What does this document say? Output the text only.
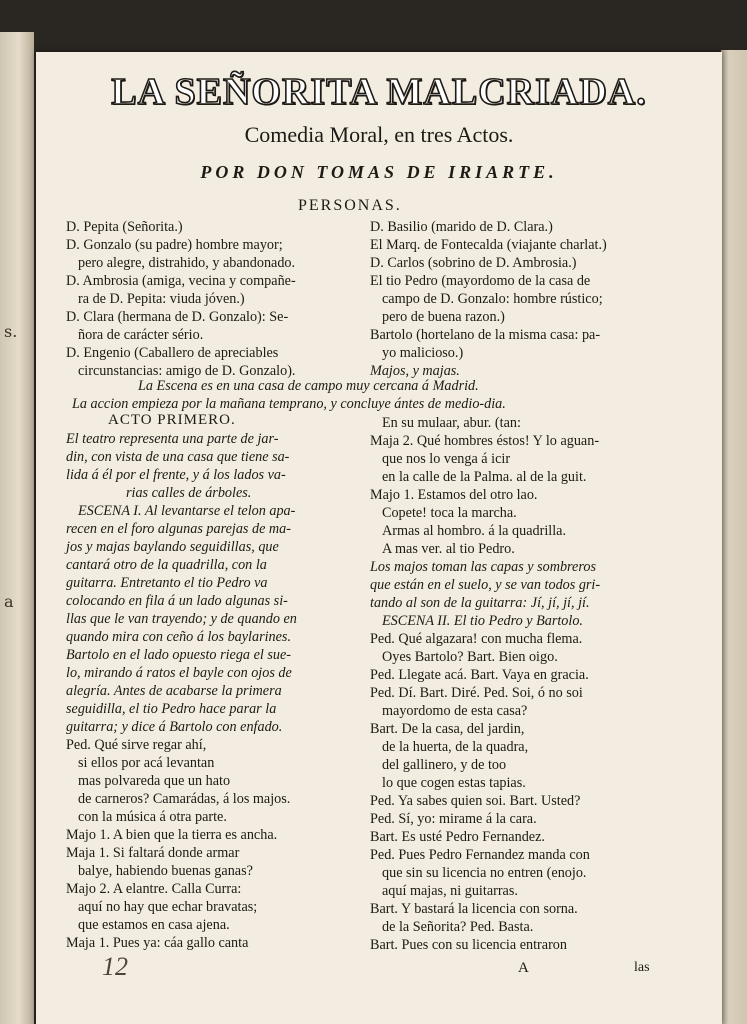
s.
a
LA SEÑORITA MALCRIADA.
Comedia Moral, en tres Actos.
POR DON TOMAS DE IRIARTE.
PERSONAS.
D. Pepita (Señorita.)
D. Gonzalo (su padre) hombre mayor;
pero alegre, distrahido, y abandonado.
D. Ambrosia (amiga, vecina y compañe-
ra de D. Pepita: viuda jóven.)
D. Clara (hermana de D. Gonzalo): Se-
ñora de carácter sério.
D. Engenio (Caballero de apreciables
circunstancias: amigo de D. Gonzalo).
D. Basilio (marido de D. Clara.)
El Marq. de Fontecalda (viajante charlat.)
D. Carlos (sobrino de D. Ambrosia.)
El tio Pedro (mayordomo de la casa de
campo de D. Gonzalo: hombre rústico;
pero de buena razon.)
Bartolo (hortelano de la misma casa: pa-
yo malicioso.)
Majos, y majas.
La Escena es en una casa de campo muy cercana á Madrid.
La accion empieza por la mañana temprano, y concluye ántes de medio-dia.
ACTO PRIMERO.
El teatro representa una parte de jar-
din, con vista de una casa que tiene sa-
lida á él por el frente, y á los lados va-
rias calles de árboles.
ESCENA I. Al levantarse el telon apa-
recen en el foro algunas parejas de ma-
jos y majas baylando seguidillas, que
cantará otro de la quadrilla, con la
guitarra. Entretanto el tio Pedro va
colocando en fila á un lado algunas si-
llas que le van trayendo; y de quando en
quando mira con ceño á los baylarines.
Bartolo en el lado opuesto riega el sue-
lo, mirando á ratos el bayle con ojos de
alegría. Antes de acabarse la primera
seguidilla, el tio Pedro hace parar la
guitarra; y dice á Bartolo con enfado.
Ped. Qué sirve regar ahí,
si ellos por acá levantan
mas polvareda que un hato
de carneros? Camarádas, á los majos.
con la música á otra parte.
Majo 1. A bien que la tierra es ancha.
Maja 1. Si faltará donde armar
balye, habiendo buenas ganas?
Majo 2. A elantre. Calla Curra:
aquí no hay que echar bravatas;
que estamos en casa ajena.
Maja 1. Pues ya: cáa gallo canta
En su mulaar, abur. (tan:
Maja 2. Qué hombres éstos! Y lo aguan-
que nos lo venga á icir
en la calle de la Palma. al de la guit.
Majo 1. Estamos del otro lao.
Copete! toca la marcha.
Armas al hombro. á la quadrilla.
A mas ver. al tio Pedro.
Los majos toman las capas y sombreros
que están en el suelo, y se van todos gri-
tando al son de la guitarra: Jí, jí, jí, jí.
ESCENA II. El tio Pedro y Bartolo.
Ped. Qué algazara! con mucha flema.
Oyes Bartolo? Bart. Bien oigo.
Ped. Llegate acá. Bart. Vaya en gracia.
Ped. Dí. Bart. Diré. Ped. Soi, ó no soi
mayordomo de esta casa?
Bart. De la casa, del jardin,
de la huerta, de la quadra,
del gallinero, y de too
lo que cogen estas tapias.
Ped. Ya sabes quien soi. Bart. Usted?
Ped. Sí, yo: mirame á la cara.
Bart. Es usté Pedro Fernandez.
Ped. Pues Pedro Fernandez manda con
que sin su licencia no entren (enojo.
aquí majas, ni guitarras.
Bart. Y bastará la licencia con sorna.
de la Señorita? Ped. Basta.
Bart. Pues con su licencia entraron
12	A	las
